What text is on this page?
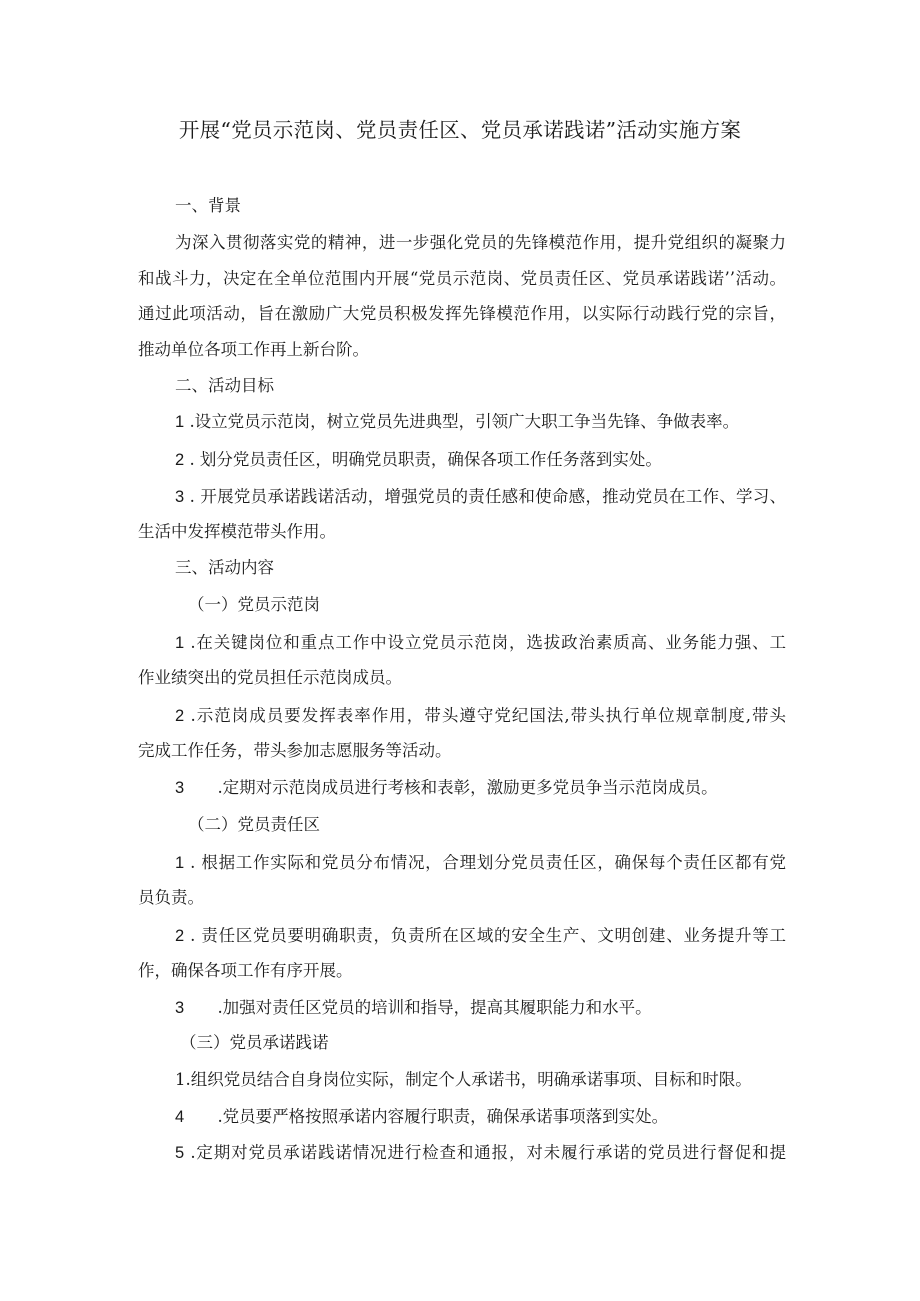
开展“党员示范岗、党员责任区、党员承诺践诺”活动实施方案
一、背景
为深入贯彻落实党的精神，进一步强化党员的先锋模范作用，提升党组织的凝聚力
和战斗力，决定在全单位范围内开展“党员示范岗、党员责任区、党员承诺践诺’’活动。
通过此项活动，旨在激励广大党员积极发挥先锋模范作用，以实际行动践行党的宗旨，
推动单位各项工作再上新台阶。
二、活动目标
1 .设立党员示范岗，树立党员先进典型，引领广大职工争当先锋、争做表率。
2 . 划分党员责任区，明确党员职责，确保各项工作任务落到实处。
3 . 开展党员承诺践诺活动，增强党员的责任感和使命感，推动党员在工作、学习、
生活中发挥模范带头作用。
三、活动内容
（一）党员示范岗
1 .在关键岗位和重点工作中设立党员示范岗，选拔政治素质高、业务能力强、工
作业绩突出的党员担任示范岗成员。
2 .示范岗成员要发挥表率作用，带头遵守党纪国法,带头执行单位规章制度,带头
完成工作任务，带头参加志愿服务等活动。
3 .定期对示范岗成员进行考核和表彰，激励更多党员争当示范岗成员。
（二）党员责任区
1 . 根据工作实际和党员分布情况，合理划分党员责任区，确保每个责任区都有党
员负责。
2 . 责任区党员要明确职责，负责所在区域的安全生产、文明创建、业务提升等工
作，确保各项工作有序开展。
3 .加强对责任区党员的培训和指导，提高其履职能力和水平。
（三）党员承诺践诺
1.组织党员结合自身岗位实际，制定个人承诺书，明确承诺事项、目标和时限。
4 .党员要严格按照承诺内容履行职责，确保承诺事项落到实处。
5 .定期对党员承诺践诺情况进行检查和通报，对未履行承诺的党员进行督促和提
